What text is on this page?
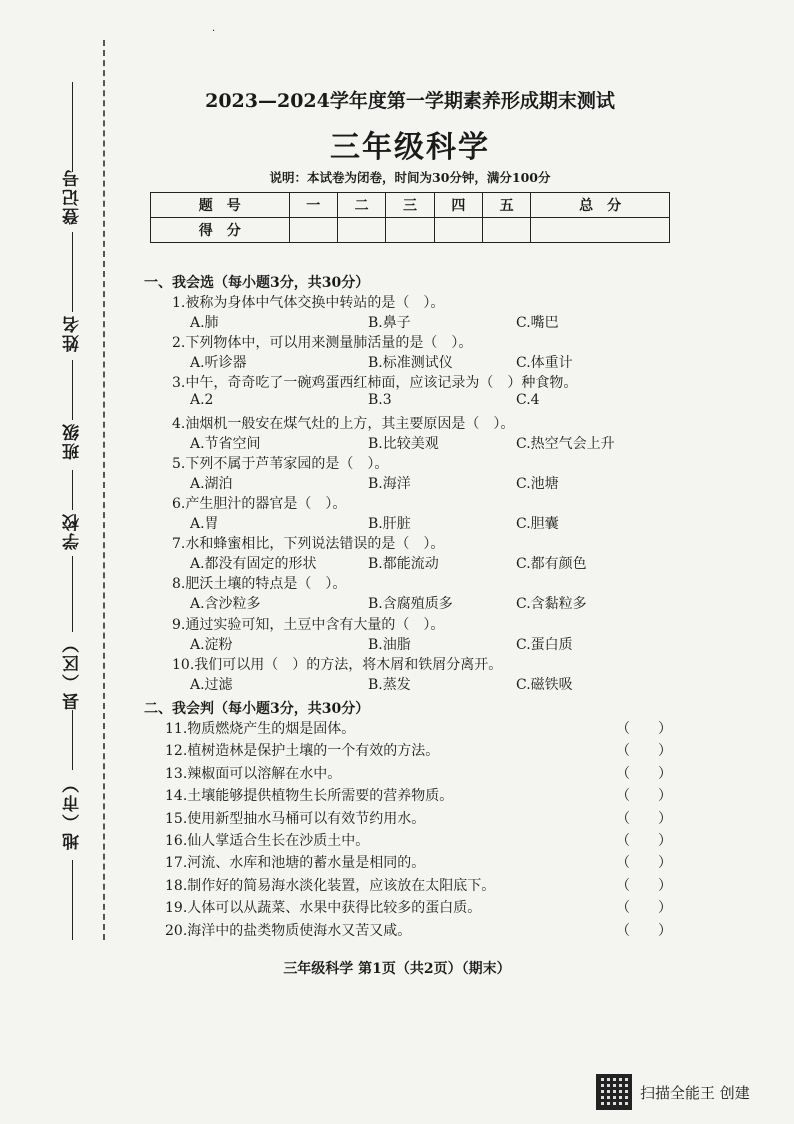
·
登记号
姓名
班级
学校
县（区）
地（市）
2023—2024学年度第一学期素养形成期末测试
三年级科学
说明：本试卷为闭卷，时间为30分钟，满分100分
题　号	一	二	三	四	五	总　分
得　分						
一、我会选（每小题3分，共30分）
1.被称为身体中气体交换中转站的是（　）。
A.肺	B.鼻子	C.嘴巴
2.下列物体中，可以用来测量肺活量的是（　）。
A.听诊器	B.标准测试仪	C.体重计
3.中午，奇奇吃了一碗鸡蛋西红柿面，应该记录为（　）种食物。
A.2	B.3	C.4
4.油烟机一般安在煤气灶的上方，其主要原因是（　）。
A.节省空间	B.比较美观	C.热空气会上升
5.下列不属于芦苇家园的是（　）。
A.湖泊	B.海洋	C.池塘
6.产生胆汁的器官是（　）。
A.胃	B.肝脏	C.胆囊
7.水和蜂蜜相比，下列说法错误的是（　）。
A.都没有固定的形状	B.都能流动	C.都有颜色
8.肥沃土壤的特点是（　）。
A.含沙粒多	B.含腐殖质多	C.含黏粒多
9.通过实验可知，土豆中含有大量的（　）。
A.淀粉	B.油脂	C.蛋白质
10.我们可以用（　）的方法，将木屑和铁屑分离开。
A.过滤	B.蒸发	C.磁铁吸
二、我会判（每小题3分，共30分）
11.物质燃烧产生的烟是固体。	（　　）
12.植树造林是保护土壤的一个有效的方法。	（　　）
13.辣椒面可以溶解在水中。	（　　）
14.土壤能够提供植物生长所需要的营养物质。	（　　）
15.使用新型抽水马桶可以有效节约用水。	（　　）
16.仙人掌适合生长在沙质土中。	（　　）
17.河流、水库和池塘的蓄水量是相同的。	（　　）
18.制作好的简易海水淡化装置，应该放在太阳底下。	（　　）
19.人体可以从蔬菜、水果中获得比较多的蛋白质。	（　　）
20.海洋中的盐类物质使海水又苦又咸。	（　　）
三年级科学 第1页（共2页）（期末）
扫描全能王 创建
